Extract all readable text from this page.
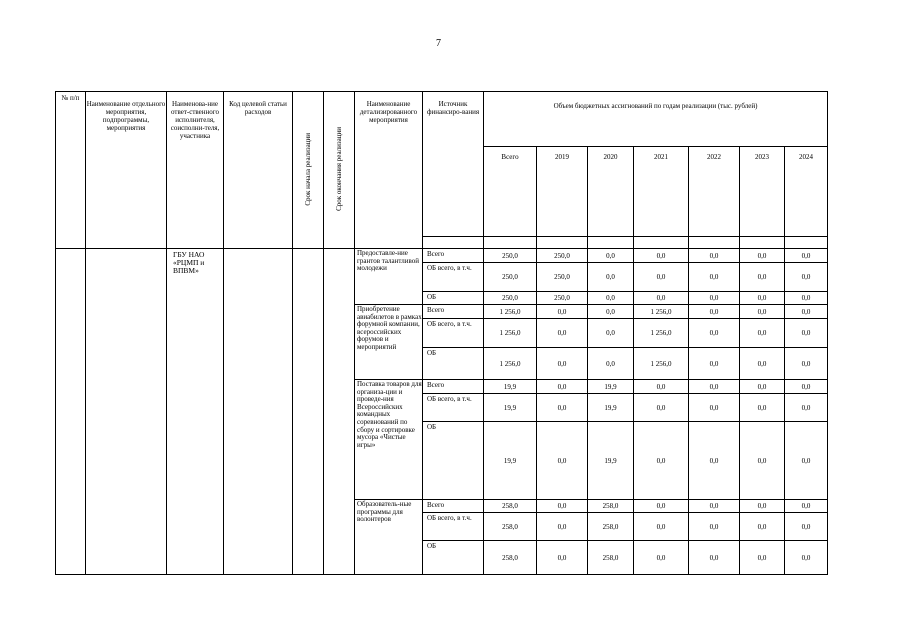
7
№ п/п	Наименование отдельного мероприятия, подпрограммы, мероприятия	Наименова-ние ответ-ственного исполнителя, соисполни-теля, участника	Код целевой статьи расходов	Срок начала реализации	Срок окончания реализации	Наименование детализированного мероприятия	Источник финансиро-вания	Объем бюджетных ассигнований по годам реализации (тыс. рублей)						
								Всего	2019	2020	2021	2022	2023	2024

		ГБУ НАО «РЦМП и ВПВМ»				Предоставле-ние грантов талантливой молодежи	Всего	250,0	250,0	0,0	0,0	0,0	0,0	0,0
							ОБ всего, в т.ч.	250,0	250,0	0,0	0,0	0,0	0,0	0,0
							ОБ	250,0	250,0	0,0	0,0	0,0	0,0	0,0
						Приобретение авиабилетов в рамках форумной компании, всероссийских форумов и мероприятий	Всего	1 256,0	0,0	0,0	1 256,0	0,0	0,0	0,0
							ОБ всего, в т.ч.	1 256,0	0,0	0,0	1 256,0	0,0	0,0	0,0
							ОБ	1 256,0	0,0	0,0	1 256,0	0,0	0,0	0,0
						Поставка товаров для организа-ции и проведе-ния Всероссийских командных соревнований по сбору и сортировке мусора «Чистые игры»	Всего	19,9	0,0	19,9	0,0	0,0	0,0	0,0
							ОБ всего, в т.ч.	19,9	0,0	19,9	0,0	0,0	0,0	0,0
							ОБ	19,9	0,0	19,9	0,0	0,0	0,0	0,0
						Образователь-ные программы для волонтеров	Всего	258,0	0,0	258,0	0,0	0,0	0,0	0,0
							ОБ всего, в т.ч.	258,0	0,0	258,0	0,0	0,0	0,0	0,0
							ОБ	258,0	0,0	258,0	0,0	0,0	0,0	0,0
